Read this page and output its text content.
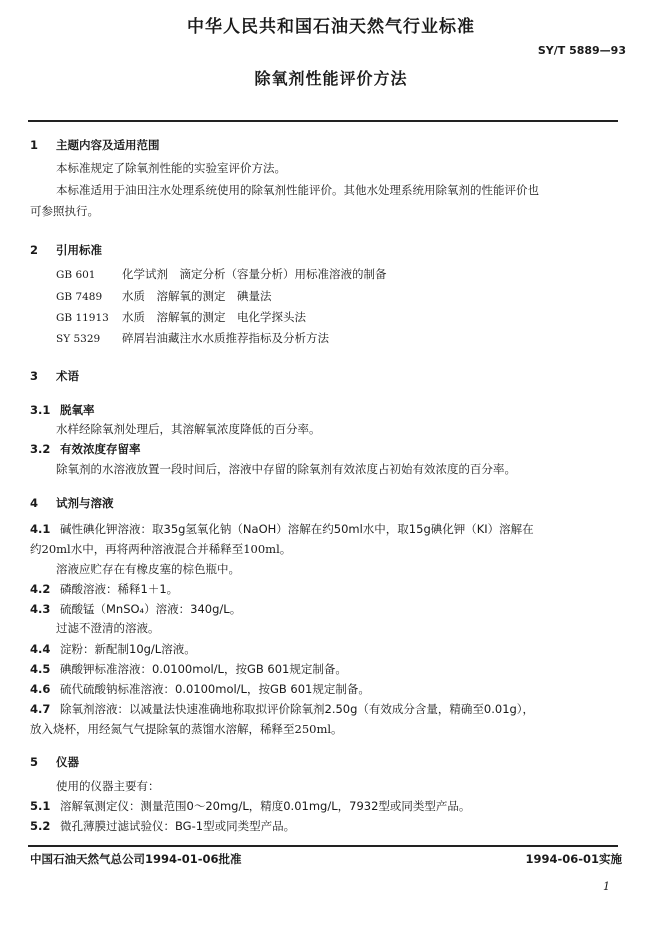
中华人民共和国石油天然气行业标准
SY/T 5889—93
除氧剂性能评价方法
1 主题内容及适用范围
本标准规定了除氧剂性能的实验室评价方法。
本标准适用于油田注水处理系统使用的除氧剂性能评价。其他水处理系统用除氧剂的性能评价也
可参照执行。
2 引用标准
GB 601 化学试剂　滴定分析（容量分析）用标准溶液的制备
GB 7489 水质　溶解氧的测定　碘量法
GB 11913 水质　溶解氧的测定　电化学探头法
SY 5329 碎屑岩油藏注水水质推荐指标及分析方法
3 术语
3.1 脱氧率
水样经除氧剂处理后，其溶解氧浓度降低的百分率。
3.2 有效浓度存留率
除氧剂的水溶液放置一段时间后，溶液中存留的除氧剂有效浓度占初始有效浓度的百分率。
4 试剂与溶液
4.1 碱性碘化钾溶液：取35g氢氧化钠（NaOH）溶解在约50ml水中，取15g碘化钾（KI）溶解在
约20ml水中，再将两种溶液混合并稀释至100ml。
溶液应贮存在有橡皮塞的棕色瓶中。
4.2 磷酸溶液：稀释1＋1。
4.3 硫酸锰（MnSO₄）溶液：340g/L。
过滤不澄清的溶液。
4.4 淀粉：新配制10g/L溶液。
4.5 碘酸钾标准溶液：0.0100mol/L，按GB 601规定制备。
4.6 硫代硫酸钠标准溶液：0.0100mol/L，按GB 601规定制备。
4.7 除氧剂溶液：以减量法快速准确地称取拟评价除氧剂2.50g（有效成分含量，精确至0.01g），
放入烧杯，用经氮气气提除氧的蒸馏水溶解，稀释至250ml。
5 仪器
使用的仪器主要有：
5.1 溶解氧测定仪：测量范围0～20mg/L，精度0.01mg/L，7932型或同类型产品。
5.2 微孔薄膜过滤试验仪：BG-1型或同类型产品。
中国石油天然气总公司1994-01-06批准	1994-06-01实施
1
